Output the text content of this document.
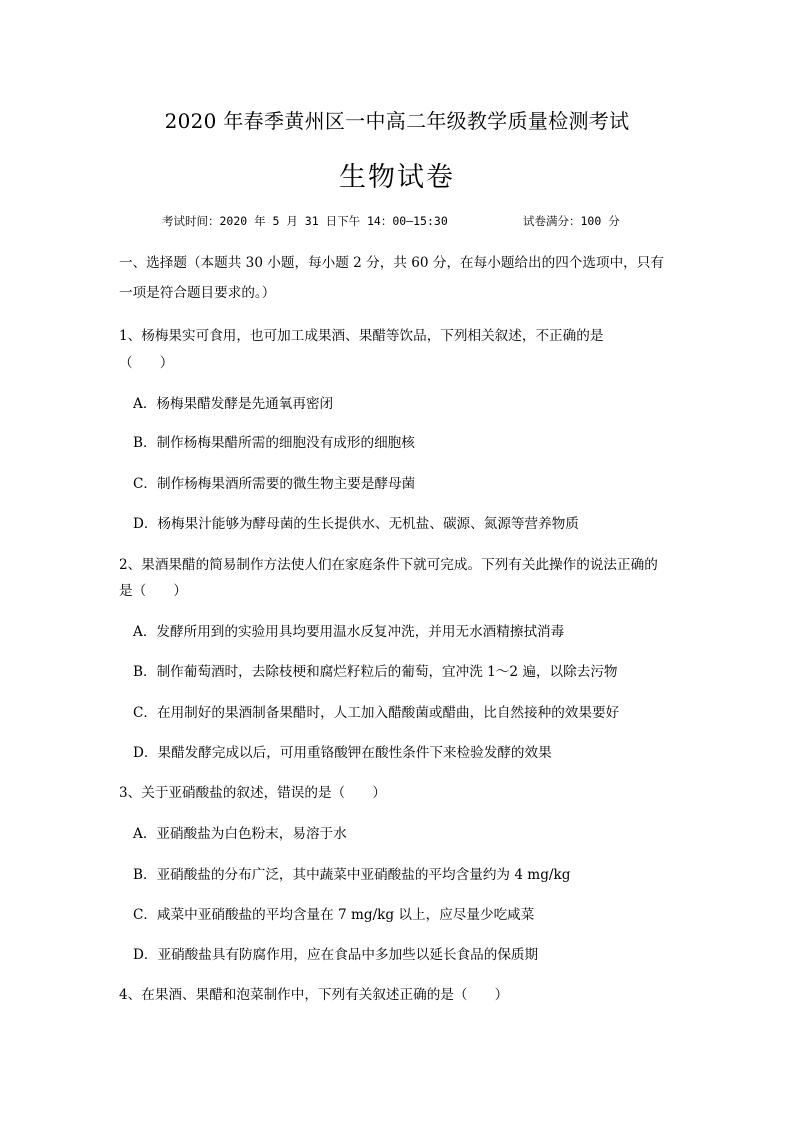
2020 年春季黄州区一中高二年级教学质量检测考试
生物试卷
考试时间：2020 年 5 月 31 日下午 14：00—15:30	试卷满分：100 分
一、选择题（本题共 30 小题，每小题 2 分，共 60 分，在每小题给出的四个选项中，只有
一项是符合题目要求的。）
1、杨梅果实可食用，也可加工成果酒、果醋等饮品，下列相关叙述，不正确的是
（　　）
A．杨梅果醋发酵是先通氧再密闭
B．制作杨梅果醋所需的细胞没有成形的细胞核
C．制作杨梅果酒所需要的微生物主要是酵母菌
D．杨梅果汁能够为酵母菌的生长提供水、无机盐、碳源、氮源等营养物质
2、果酒果醋的简易制作方法使人们在家庭条件下就可完成。下列有关此操作的说法正确的
是（　　）
A．发酵所用到的实验用具均要用温水反复冲洗，并用无水酒精擦拭消毒
B．制作葡萄酒时，去除枝梗和腐烂籽粒后的葡萄，宜冲洗 1～2 遍，以除去污物
C．在用制好的果酒制备果醋时，人工加入醋酸菌或醋曲，比自然接种的效果要好
D．果醋发酵完成以后，可用重铬酸钾在酸性条件下来检验发酵的效果
3、关于亚硝酸盐的叙述，错误的是（　　）
A．亚硝酸盐为白色粉末，易溶于水
B．亚硝酸盐的分布广泛，其中蔬菜中亚硝酸盐的平均含量约为 4 mg/kg
C．咸菜中亚硝酸盐的平均含量在 7 mg/kg 以上，应尽量少吃咸菜
D．亚硝酸盐具有防腐作用，应在食品中多加些以延长食品的保质期
4、在果酒、果醋和泡菜制作中，下列有关叙述正确的是（　　）
